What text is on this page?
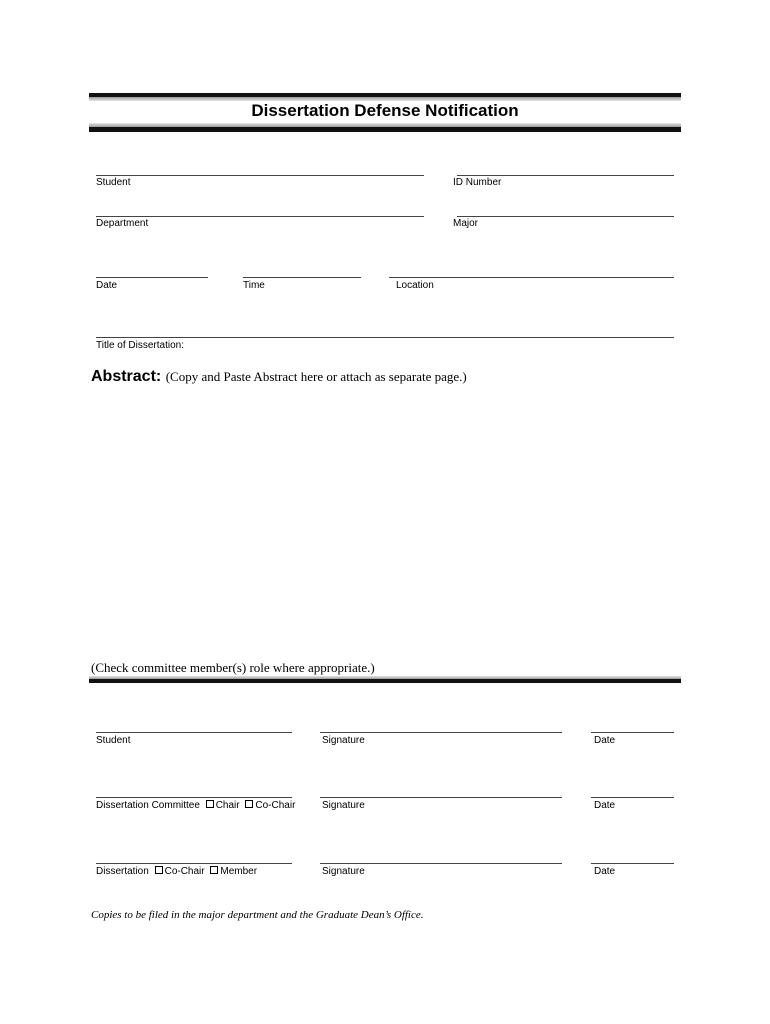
Dissertation Defense Notification
Student	ID Number
Department	Major
Date	Time	Location
Title of Dissertation:
Abstract: (Copy and Paste Abstract here or attach as separate page.)
(Check committee member(s) role where appropriate.)
Student	Signature	Date
Dissertation Committee Chair Co-Chair	Signature	Date
Dissertation Co-Chair Member	Signature	Date
Copies to be filed in the major department and the Graduate Dean’s Office.
